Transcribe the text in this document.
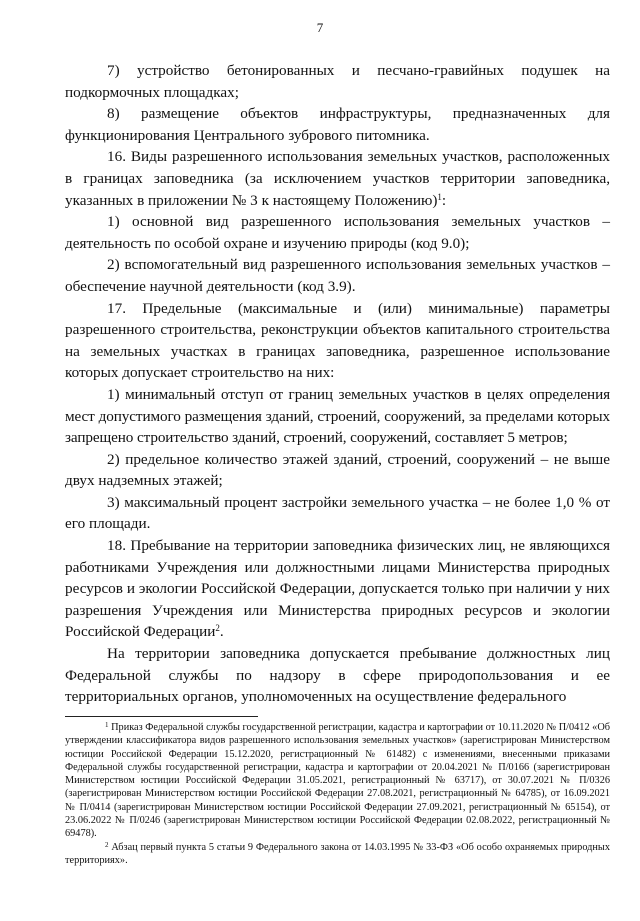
7

7) устройство бетонированных и песчано-гравийных подушек на подкормочных площадках;

8) размещение объектов инфраструктуры, предназначенных для функционирования Центрального зубрового питомника.

16. Виды разрешенного использования земельных участков, расположенных в границах заповедника (за исключением участков территории заповедника, указанных в приложении № 3 к настоящему Положению)$^1$:

1) основной вид разрешенного использования земельных участков – деятельность по особой охране и изучению природы (код 9.0);

2) вспомогательный вид разрешенного использования земельных участков – обеспечение научной деятельности (код 3.9).

17. Предельные (максимальные и (или) минимальные) параметры разрешенного строительства, реконструкции объектов капитального строительства на земельных участках в границах заповедника, разрешенное использование которых допускает строительство на них:

1) минимальный отступ от границ земельных участков в целях определения мест допустимого размещения зданий, строений, сооружений, за пределами которых запрещено строительство зданий, строений, сооружений, составляет 5 метров;

2) предельное количество этажей зданий, строений, сооружений – не выше двух надземных этажей;

3) максимальный процент застройки земельного участка – не более 1,0 % от его площади.

18. Пребывание на территории заповедника физических лиц, не являющихся работниками Учреждения или должностными лицами Министерства природных ресурсов и экологии Российской Федерации, допускается только при наличии у них разрешения Учреждения или Министерства природных ресурсов и экологии Российской Федерации$^2$.

На территории заповедника допускается пребывание должностных лиц Федеральной службы по надзору в сфере природопользования и ее территориальных органов, уполномоченных на осуществление федерального

$^1$ Приказ Федеральной службы государственной регистрации, кадастра и картографии от 10.11.2020 № П/0412 «Об утверждении классификатора видов разрешенного использования земельных участков» (зарегистрирован Министерством юстиции Российской Федерации 15.12.2020, регистрационный № 61482) с изменениями, внесенными приказами Федеральной службы государственной регистрации, кадастра и картографии от 20.04.2021 № П/0166 (зарегистрирован Министерством юстиции Российской Федерации 31.05.2021, регистрационный № 63717), от 30.07.2021 № П/0326 (зарегистрирован Министерством юстиции Российской Федерации 27.08.2021, регистрационный № 64785), от 16.09.2021 № П/0414 (зарегистрирован Министерством юстиции Российской Федерации 27.09.2021, регистрационный № 65154), от 23.06.2022 № П/0246 (зарегистрирован Министерством юстиции Российской Федерации 02.08.2022, регистрационный № 69478).

$^2$ Абзац первый пункта 5 статьи 9 Федерального закона от 14.03.1995 № 33-ФЗ «Об особо охраняемых природных территориях».
